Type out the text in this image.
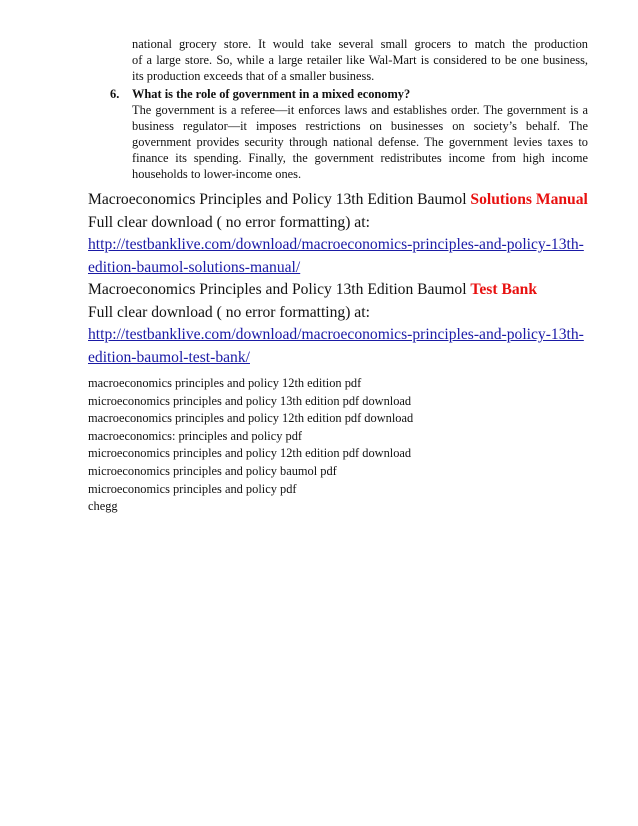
national grocery store. It would take several small grocers to match the production
of a large store. So, while a large retailer like Wal-Mart is considered to be one business,
its production exceeds that of a smaller business.
6. What is the role of government in a mixed economy?
The government is a referee—it enforces laws and establishes order. The government is a
business regulator—it imposes restrictions on businesses on society’s behalf. The
government provides security through national defense. The government levies taxes to
finance its spending. Finally, the government redistributes income from high income
households to lower-income ones.
Macroeconomics Principles and Policy 13th Edition Baumol Solutions Manual
Full clear download ( no error formatting) at:
http://testbanklive.com/download/macroeconomics-principles-and-policy-13th-
edition-baumol-solutions-manual/
Macroeconomics Principles and Policy 13th Edition Baumol Test Bank
Full clear download ( no error formatting) at:
http://testbanklive.com/download/macroeconomics-principles-and-policy-13th-
edition-baumol-test-bank/
macroeconomics principles and policy 12th edition pdf
microeconomics principles and policy 13th edition pdf download
macroeconomics principles and policy 12th edition pdf download
macroeconomics: principles and policy pdf
microeconomics principles and policy 12th edition pdf download
microeconomics principles and policy baumol pdf
microeconomics principles and policy pdf
chegg
